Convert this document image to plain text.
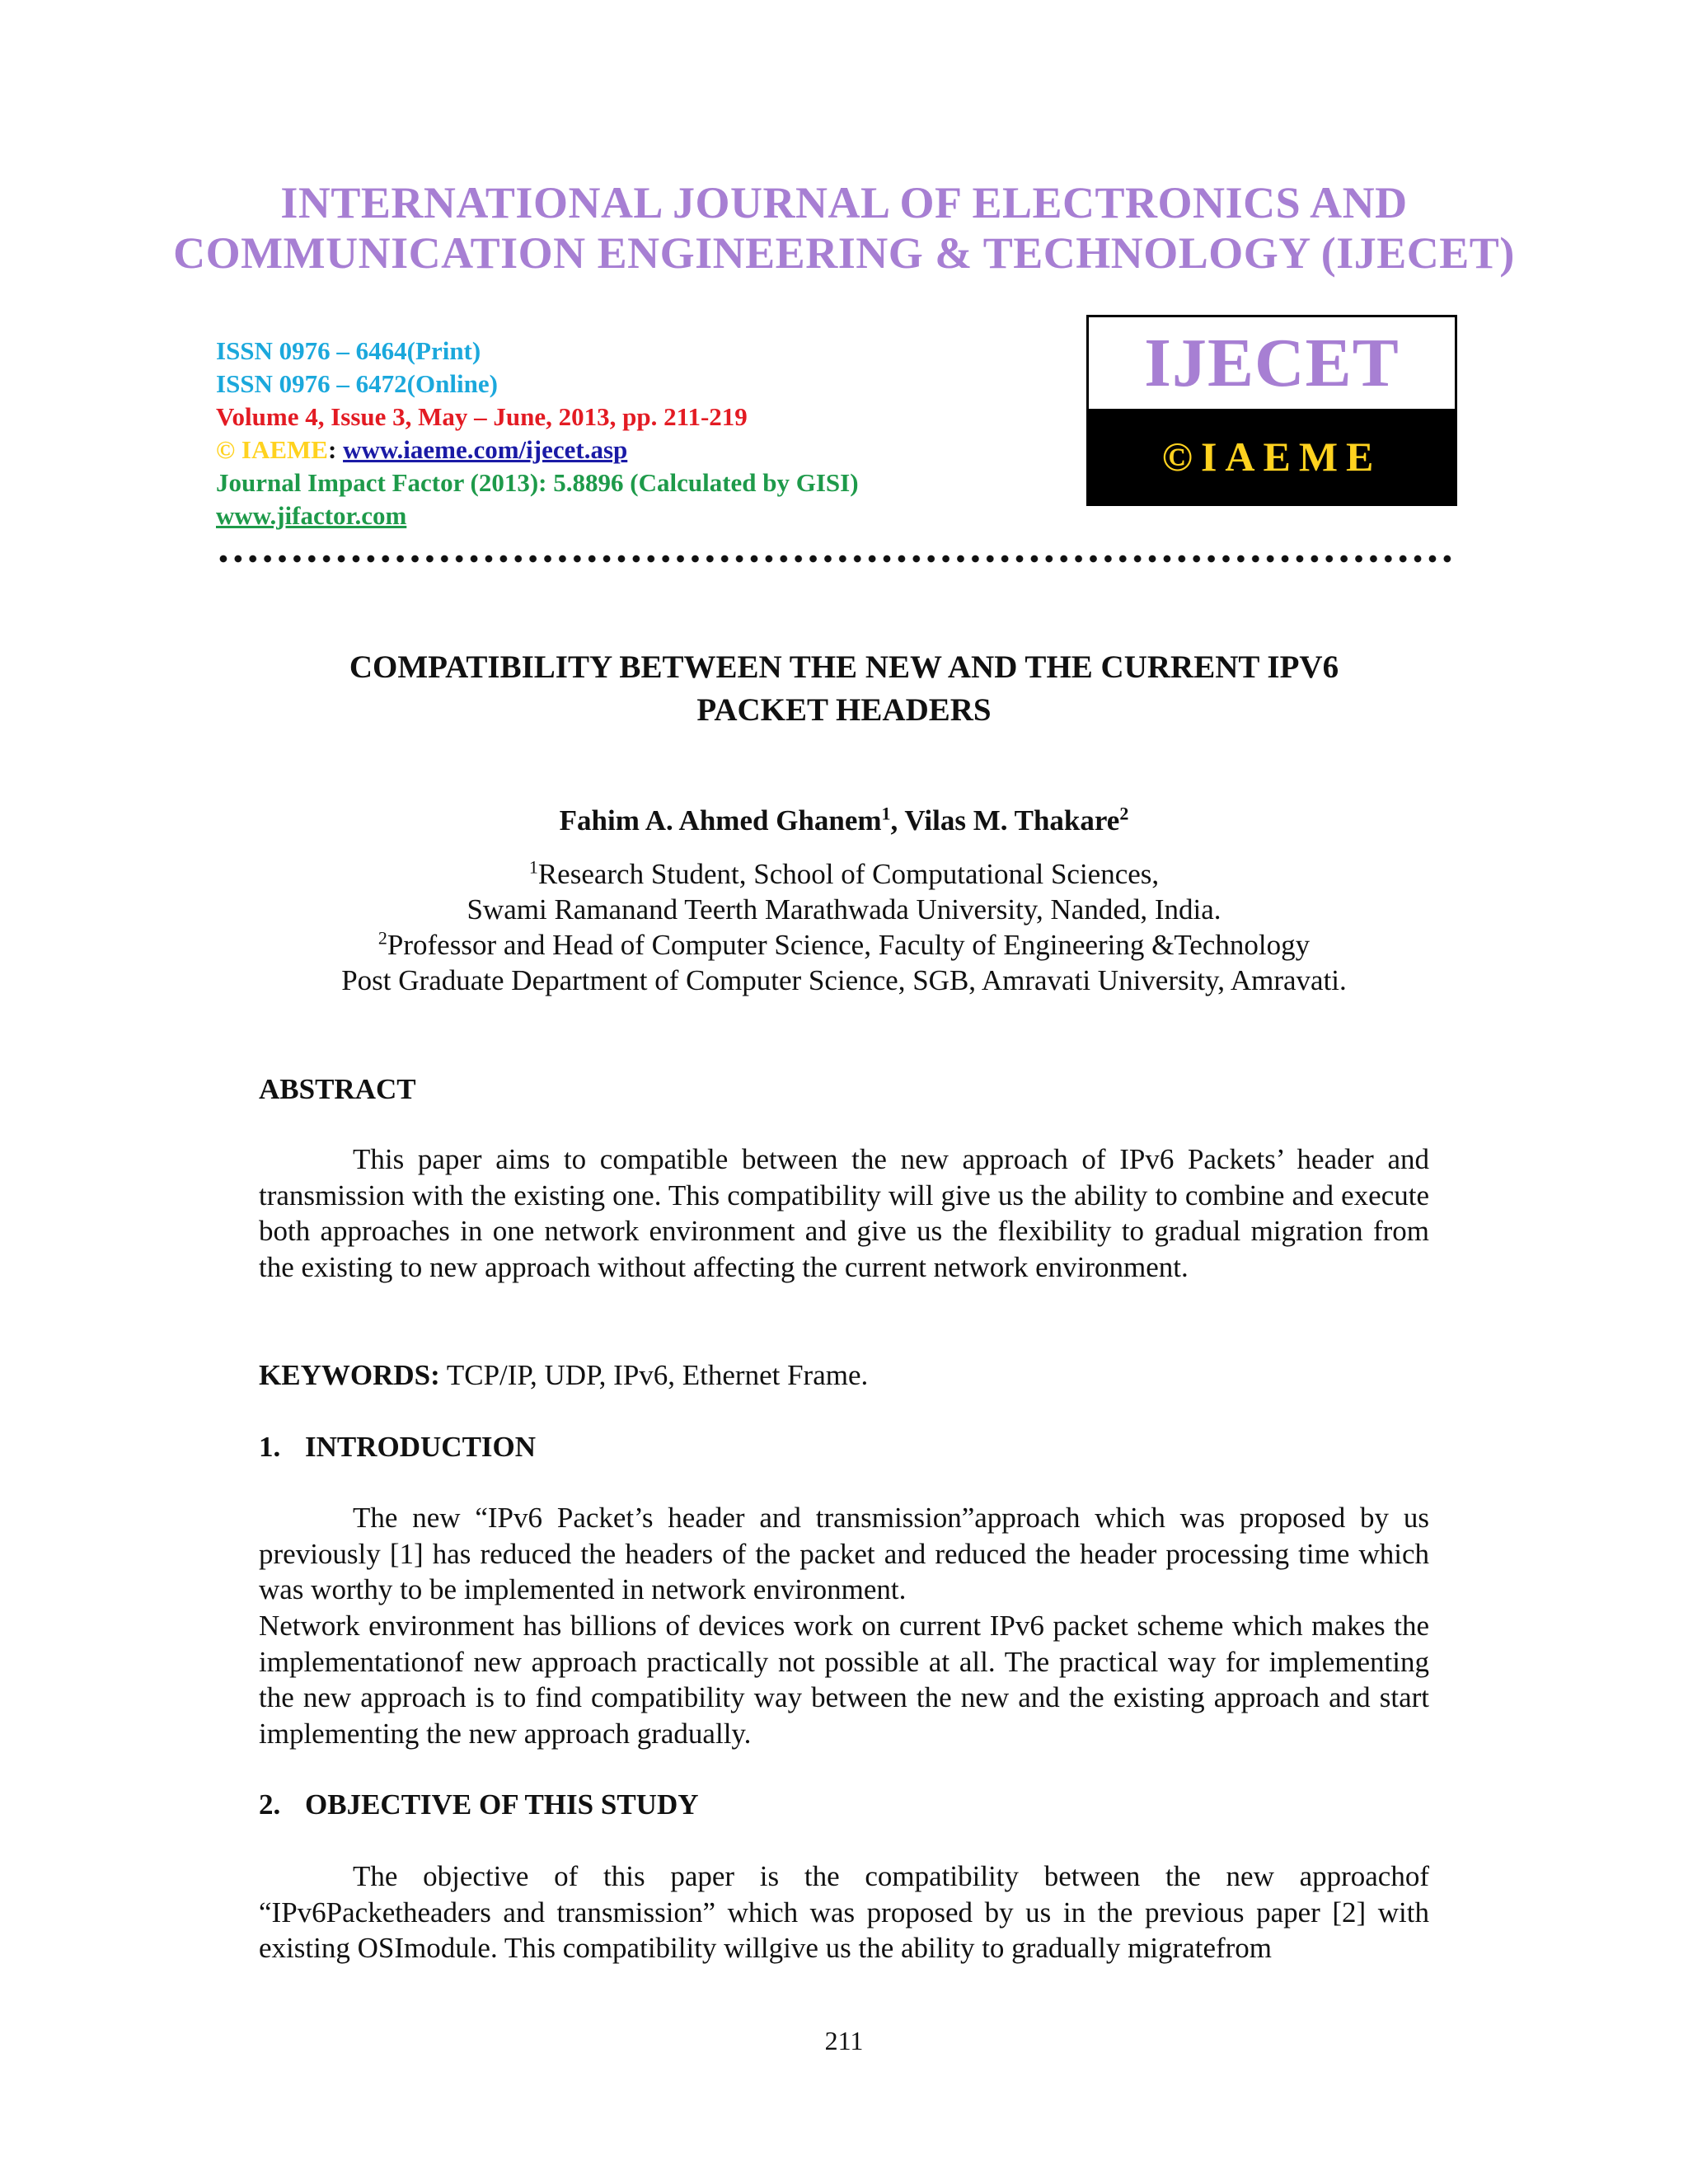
INTERNATIONAL JOURNAL OF ELECTRONICS AND
COMMUNICATION ENGINEERING & TECHNOLOGY (IJECET)
ISSN 0976 – 6464(Print)
ISSN 0976 – 6472(Online)
Volume 4, Issue 3, May – June, 2013, pp. 211-219
© IAEME: www.iaeme.com/ijecet.asp
Journal Impact Factor (2013): 5.8896 (Calculated by GISI)
www.jifactor.com
IJECET
©IAEME
COMPATIBILITY BETWEEN THE NEW AND THE CURRENT IPV6
PACKET HEADERS
Fahim A. Ahmed Ghanem$^1$, Vilas M. Thakare$^2$
$^1$Research Student, School of Computational Sciences,
Swami Ramanand Teerth Marathwada University, Nanded, India.
$^2$Professor and Head of Computer Science, Faculty of Engineering &Technology
Post Graduate Department of Computer Science, SGB, Amravati University, Amravati.
ABSTRACT

This paper aims to compatible between the new approach of IPv6 Packets’ header and transmission with the existing one. This compatibility will give us the ability to combine and execute both approaches in one network environment and give us the flexibility to gradual migration from the existing to new approach without affecting the current network environment.

KEYWORDS: TCP/IP, UDP, IPv6, Ethernet Frame.
1. INTRODUCTION

The new “IPv6 Packet’s header and transmission”approach which was proposed by us previously [1] has reduced the headers of the packet and reduced the header processing time which was worthy to be implemented in network environment.

Network environment has billions of devices work on current IPv6 packet scheme which makes the implementationof new approach practically not possible at all. The practical way for implementing the new approach is to find compatibility way between the new and the existing approach and start implementing the new approach gradually.

2. OBJECTIVE OF THIS STUDY

The objective of this paper is the compatibility between the new approachof “IPv6Packetheaders and transmission” which was proposed by us in the previous paper [2] with existing OSImodule. This compatibility willgive us the ability to gradually migratefrom

211
